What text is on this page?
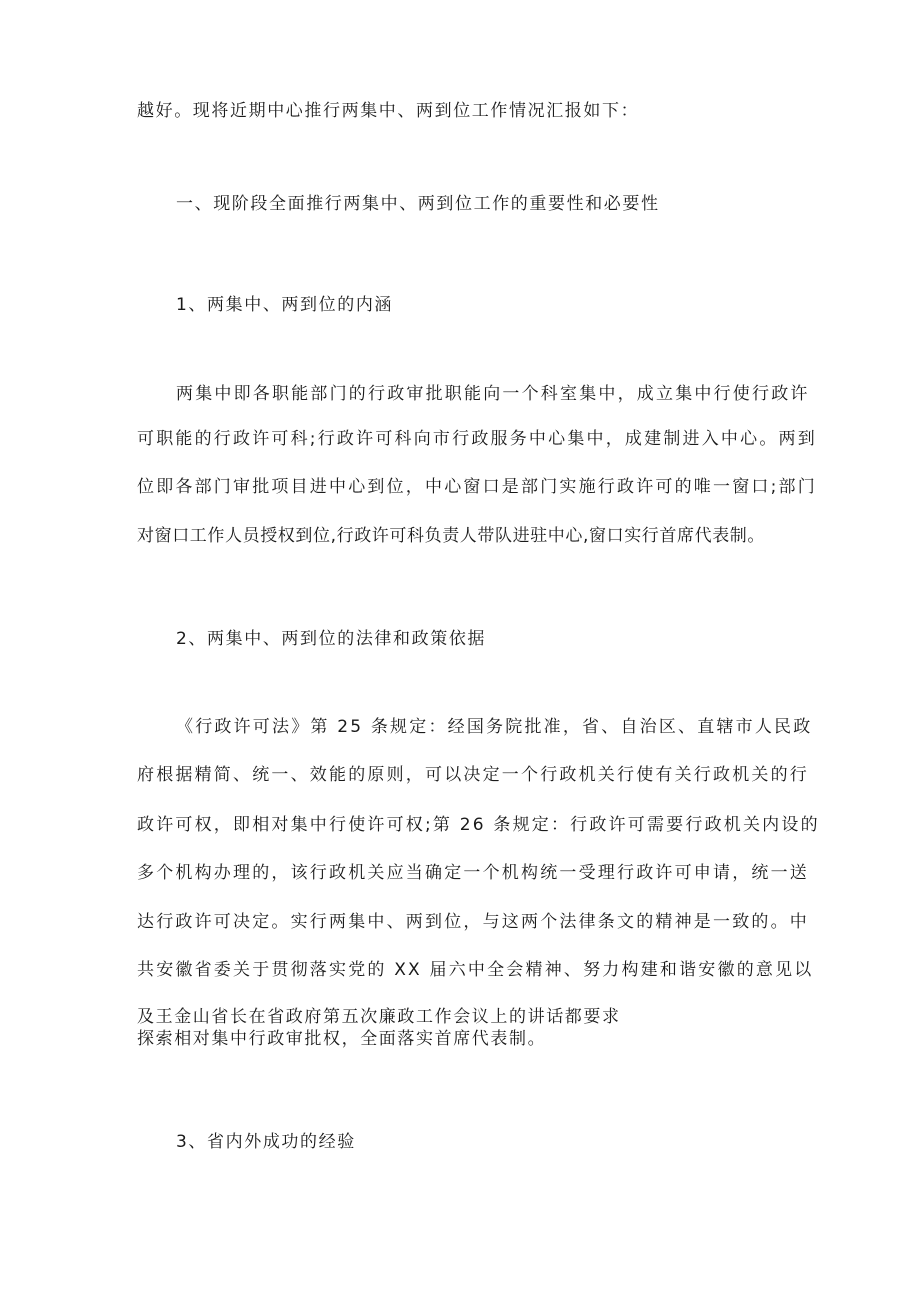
越好。现将近期中心推行两集中、两到位工作情况汇报如下：
一、现阶段全面推行两集中、两到位工作的重要性和必要性
1、两集中、两到位的内涵
两集中即各职能部门的行政审批职能向一个科室集中，成立集中行使行政许
可职能的行政许可科;行政许可科向市行政服务中心集中，成建制进入中心。两到
位即各部门审批项目进中心到位，中心窗口是部门实施行政许可的唯一窗口;部门
对窗口工作人员授权到位,行政许可科负责人带队进驻中心,窗口实行首席代表制。
2、两集中、两到位的法律和政策依据
《行政许可法》第 25 条规定：经国务院批准，省、自治区、直辖市人民政
府根据精简、统一、效能的原则，可以决定一个行政机关行使有关行政机关的行
政许可权，即相对集中行使许可权;第 26 条规定：行政许可需要行政机关内设的
多个机构办理的，该行政机关应当确定一个机构统一受理行政许可申请，统一送
达行政许可决定。实行两集中、两到位，与这两个法律条文的精神是一致的。中
共安徽省委关于贯彻落实党的 XX 届六中全会精神、努力构建和谐安徽的意见以
及王金山省长在省政府第五次廉政工作会议上的讲话都要求
探索相对集中行政审批权，全面落实首席代表制。
3、省内外成功的经验
